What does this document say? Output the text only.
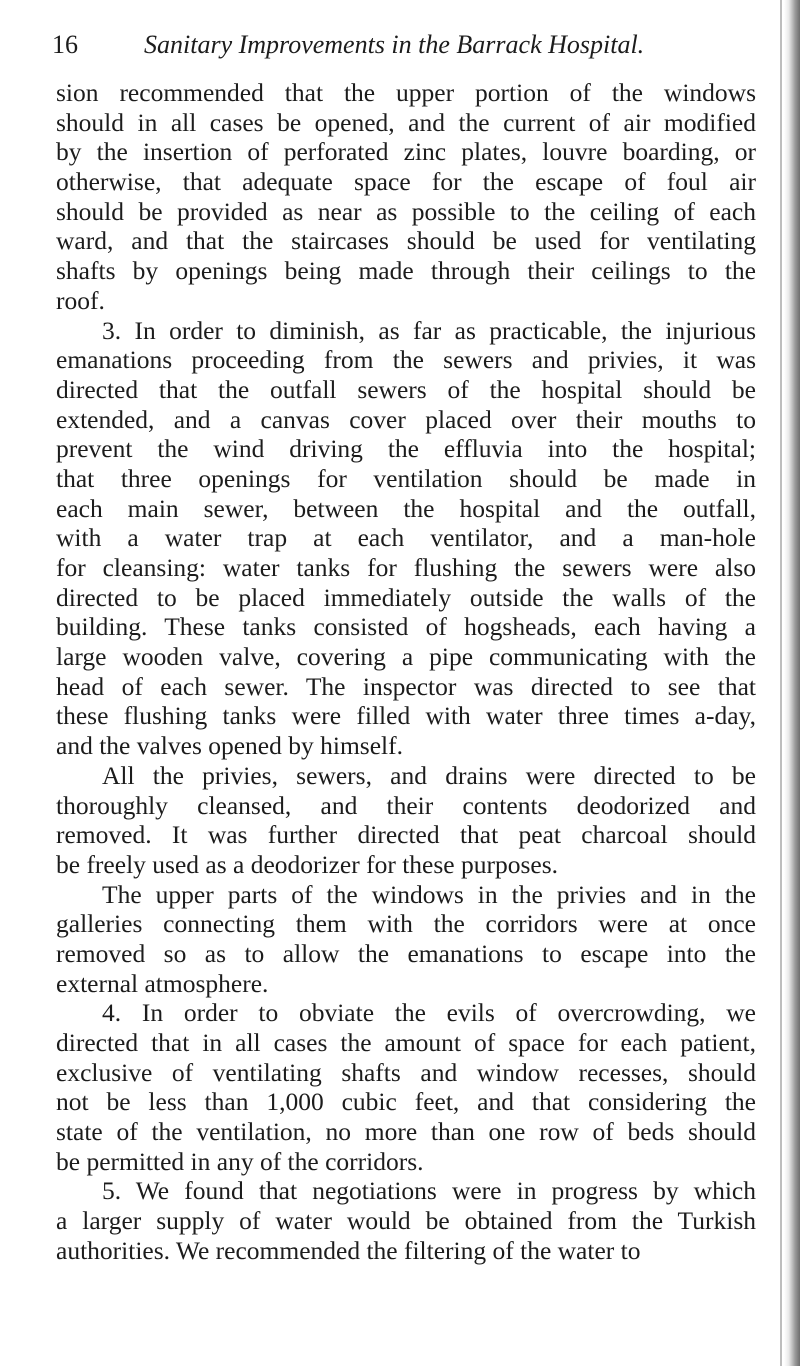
16	Sanitary Improvements in the Barrack Hospital.
sion recommended that the upper portion of the windows
should in all cases be opened, and the current of air modified
by the insertion of perforated zinc plates, louvre boarding, or
otherwise, that adequate space for the escape of foul air
should be provided as near as possible to the ceiling of each
ward, and that the staircases should be used for ventilating
shafts by openings being made through their ceilings to the
roof.
3. In order to diminish, as far as practicable, the injurious
emanations proceeding from the sewers and privies, it was
directed that the outfall sewers of the hospital should be
extended, and a canvas cover placed over their mouths to
prevent the wind driving the effluvia into the hospital;
that three openings for ventilation should be made in
each main sewer, between the hospital and the outfall,
with a water trap at each ventilator, and a man-hole
for cleansing: water tanks for flushing the sewers were also
directed to be placed immediately outside the walls of the
building. These tanks consisted of hogsheads, each having a
large wooden valve, covering a pipe communicating with the
head of each sewer. The inspector was directed to see that
these flushing tanks were filled with water three times a-day,
and the valves opened by himself.
All the privies, sewers, and drains were directed to be
thoroughly cleansed, and their contents deodorized and
removed. It was further directed that peat charcoal should
be freely used as a deodorizer for these purposes.
The upper parts of the windows in the privies and in the
galleries connecting them with the corridors were at once
removed so as to allow the emanations to escape into the
external atmosphere.
4. In order to obviate the evils of overcrowding, we
directed that in all cases the amount of space for each patient,
exclusive of ventilating shafts and window recesses, should
not be less than 1,000 cubic feet, and that considering the
state of the ventilation, no more than one row of beds should
be permitted in any of the corridors.
5. We found that negotiations were in progress by which
a larger supply of water would be obtained from the Turkish
authorities. We recommended the filtering of the water to
